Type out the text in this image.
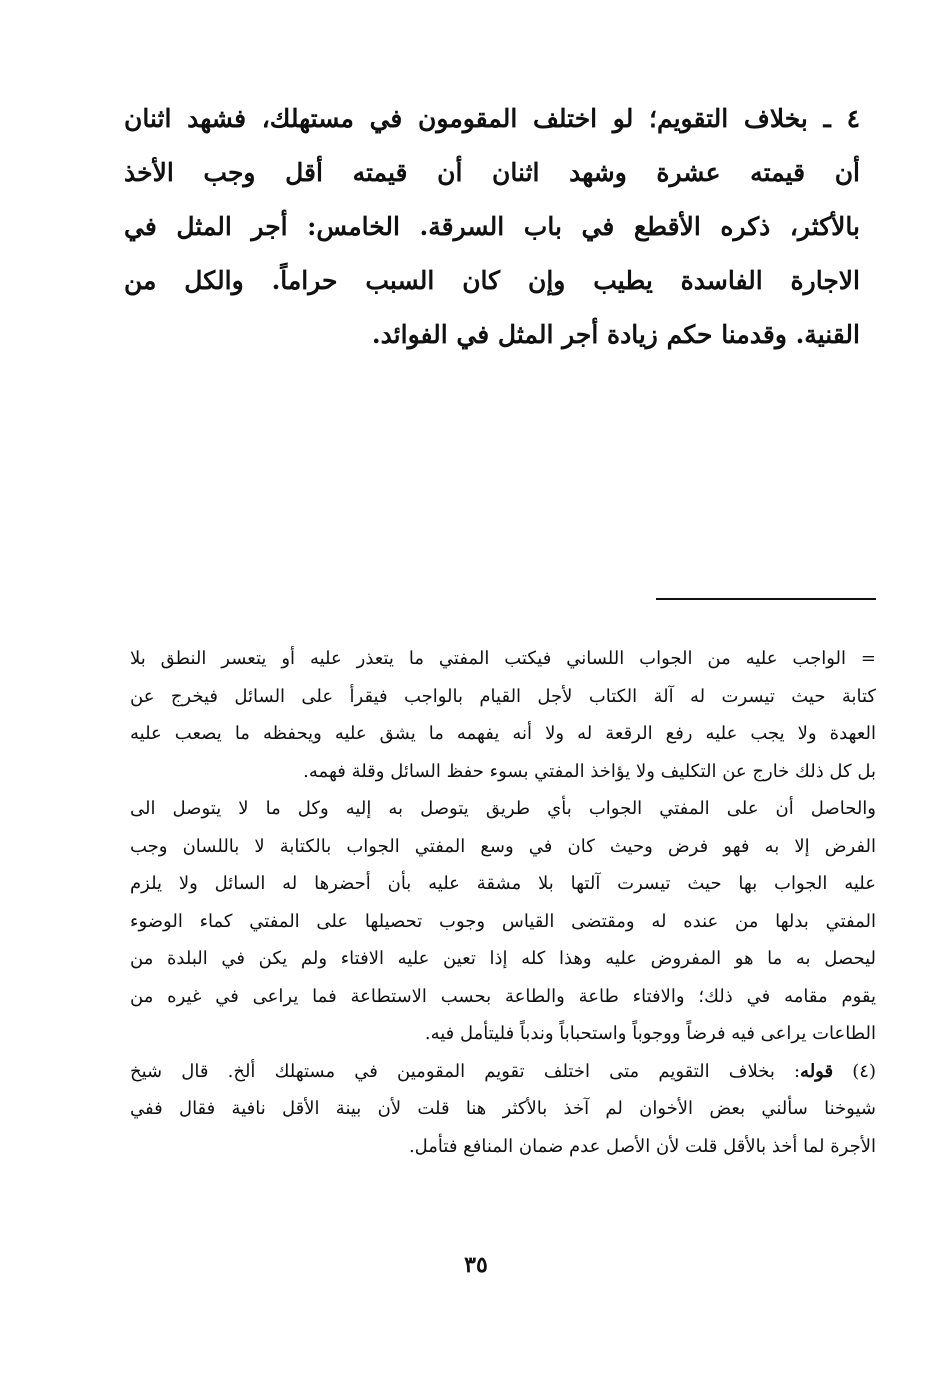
٤ ـ بخلاف التقويم؛ لو اختلف المقومون في مستهلك، فشهد اثنان
أن قيمته عشرة وشهد اثنان أن قيمته أقل وجب الأخذ
بالأكثر، ذكره الأقطع في باب السرقة. الخامس: أجر المثل في
الاجارة الفاسدة يطيب وإن كان السبب حراماً. والكل من
القنية. وقدمنا حكم زيادة أجر المثل في الفوائد.
= الواجب عليه من الجواب اللساني فيكتب المفتي ما يتعذر عليه أو يتعسر النطق بلا
كتابة حيث تيسرت له آلة الكتاب لأجل القيام بالواجب فيقرأ على السائل فيخرج عن
العهدة ولا يجب عليه رفع الرقعة له ولا أنه يفهمه ما يشق عليه ويحفظه ما يصعب عليه
بل كل ذلك خارج عن التكليف ولا يؤاخذ المفتي بسوء حفظ السائل وقلة فهمه.
والحاصل أن على المفتي الجواب بأي طريق يتوصل به إليه وكل ما لا يتوصل الى
الفرض إلا به فهو فرض وحيث كان في وسع المفتي الجواب بالكتابة لا باللسان وجب
عليه الجواب بها حيث تيسرت آلتها بلا مشقة عليه بأن أحضرها له السائل ولا يلزم
المفتي بدلها من عنده له ومقتضى القياس وجوب تحصيلها على المفتي كماء الوضوء
ليحصل به ما هو المفروض عليه وهذا كله إذا تعين عليه الافتاء ولم يكن في البلدة من
يقوم مقامه في ذلك؛ والافتاء طاعة والطاعة بحسب الاستطاعة فما يراعى في غيره من
الطاعات يراعى فيه فرضاً ووجوباً واستحباباً وندباً فليتأمل فيه.
(٤) قوله: بخلاف التقويم متى اختلف تقويم المقومين في مستهلك ألخ. قال شيخ
شيوخنا سألني بعض الأخوان لم آخذ بالأكثر هنا قلت لأن بينة الأقل نافية فقال ففي
الأجرة لما أخذ بالأقل قلت لأن الأصل عدم ضمان المنافع فتأمل.
٣٥
